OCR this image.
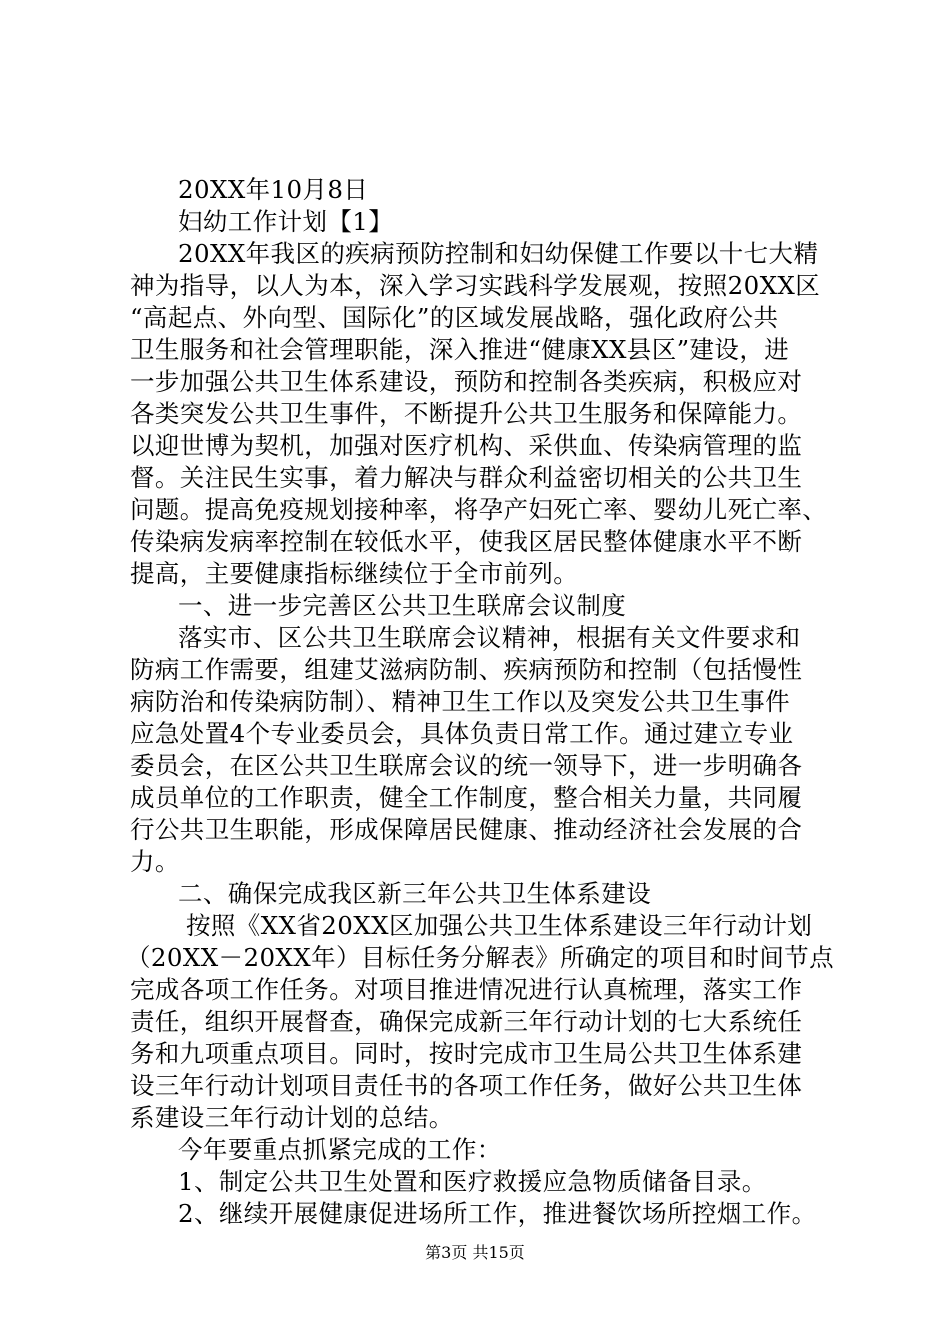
20XX年10月8日
妇幼工作计划【1】
20XX年我区的疾病预防控制和妇幼保健工作要以十七大精
神为指导，以人为本，深入学习实践科学发展观，按照20XX区
“高起点、外向型、国际化”的区域发展战略，强化政府公共
卫生服务和社会管理职能，深入推进“健康XX县区”建设，进
一步加强公共卫生体系建设，预防和控制各类疾病，积极应对
各类突发公共卫生事件，不断提升公共卫生服务和保障能力。
以迎世博为契机，加强对医疗机构、采供血、传染病管理的监
督。关注民生实事，着力解决与群众利益密切相关的公共卫生
问题。提高免疫规划接种率，将孕产妇死亡率、婴幼儿死亡率、
传染病发病率控制在较低水平，使我区居民整体健康水平不断
提高，主要健康指标继续位于全市前列。
一、进一步完善区公共卫生联席会议制度
落实市、区公共卫生联席会议精神，根据有关文件要求和
防病工作需要，组建艾滋病防制、疾病预防和控制（包括慢性
病防治和传染病防制）、精神卫生工作以及突发公共卫生事件
应急处置4个专业委员会，具体负责日常工作。通过建立专业
委员会，在区公共卫生联席会议的统一领导下，进一步明确各
成员单位的工作职责，健全工作制度，整合相关力量，共同履
行公共卫生职能，形成保障居民健康、推动经济社会发展的合
力。
二、确保完成我区新三年公共卫生体系建设
按照《XX省20XX区加强公共卫生体系建设三年行动计划
（20XX－20XX年）目标任务分解表》所确定的项目和时间节点
完成各项工作任务。对项目推进情况进行认真梳理，落实工作
责任，组织开展督查，确保完成新三年行动计划的七大系统任
务和九项重点项目。同时，按时完成市卫生局公共卫生体系建
设三年行动计划项目责任书的各项工作任务，做好公共卫生体
系建设三年行动计划的总结。
今年要重点抓紧完成的工作：
1、制定公共卫生处置和医疗救援应急物质储备目录。
2、继续开展健康促进场所工作，推进餐饮场所控烟工作。
第3页 共15页
